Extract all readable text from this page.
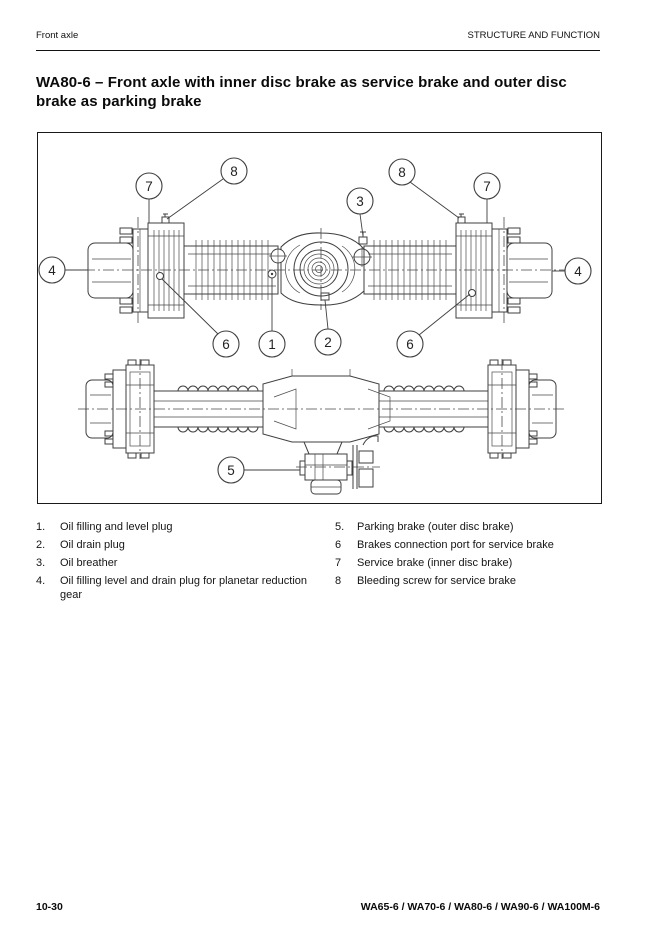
Front axle	STRUCTURE AND FUNCTION
WA80-6 – Front axle with inner disc brake as service brake and outer disc
brake as parking brake
7
8
3
8
7
4	4
6	1	2	6
5
1.	Oil filling and level plug
2.	Oil drain plug
3.	Oil breather
4.	Oil filling level and drain plug for planetar reduction gear
5.	Parking brake (outer disc brake)
6	Brakes connection port for service brake
7	Service brake (inner disc brake)
8	Bleeding screw for service brake
10-30	WA65-6 / WA70-6 / WA80-6 / WA90-6 / WA100M-6
